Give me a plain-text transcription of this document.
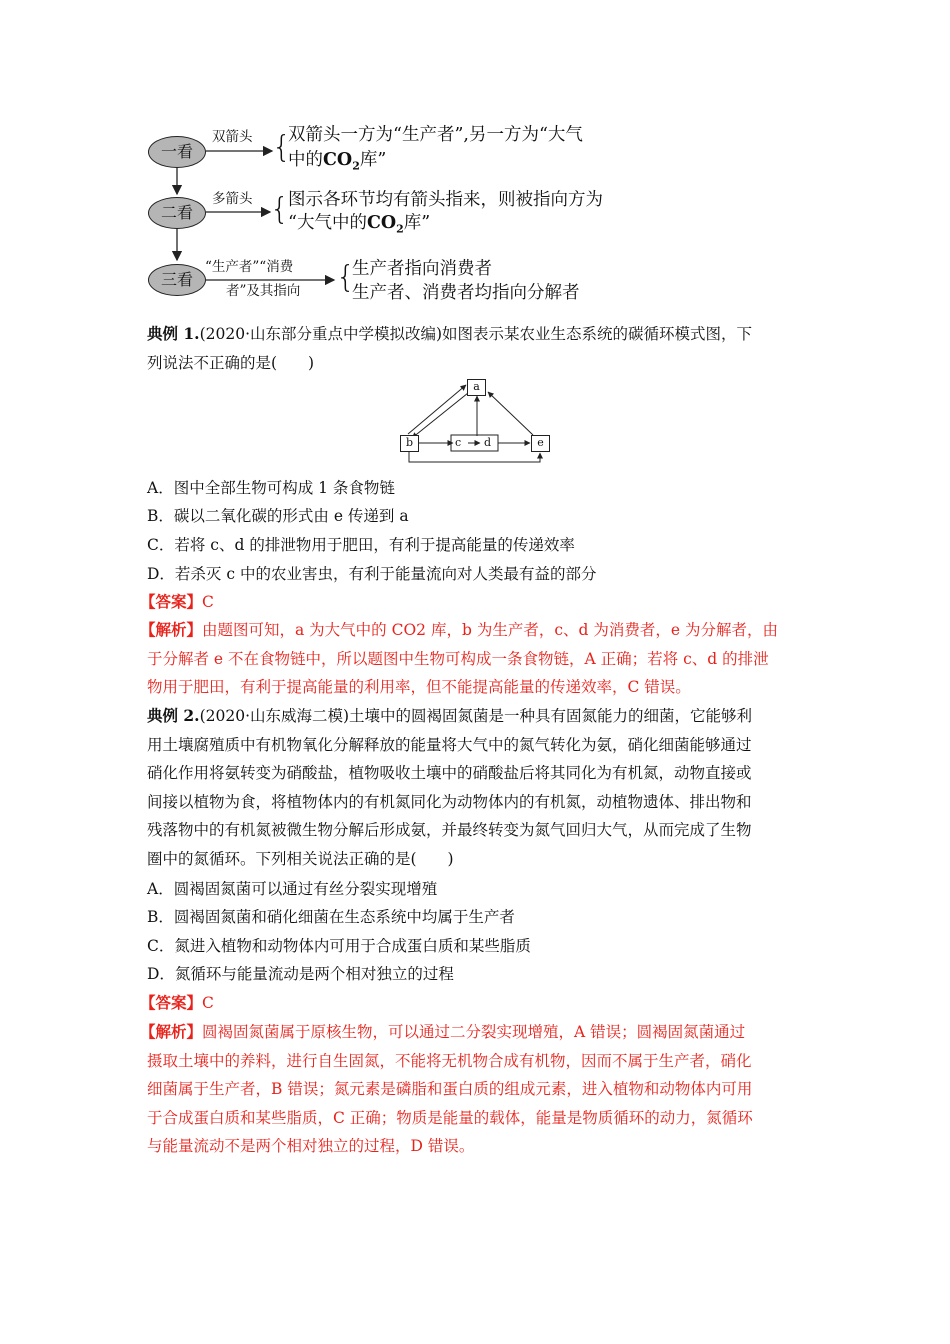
一看
二看
三看
双箭头
多箭头
“生产者”“消费
者”及其指向
{
{
{
双箭头一方为“生产者”,另一方为“大气
中的$CO_2$库”
图示各环节均有箭头指来，则被指向方为
“大气中的$CO_2$库”
生产者指向消费者
生产者、消费者均指向分解者
典例 1.(2020·山东部分重点中学模拟改编)如图表示某农业生态系统的碳循环模式图，下
列说法不正确的是(　　)
a
b	c d	e
A．图中全部生物可构成 1 条食物链
B．碳以二氧化碳的形式由 e 传递到 a
C．若将 c、d 的排泄物用于肥田，有利于提高能量的传递效率
D．若杀灭 c 中的农业害虫，有利于能量流向对人类最有益的部分
【答案】C
【解析】由题图可知，a 为大气中的 CO2 库，b 为生产者，c、d 为消费者，e 为分解者，由
于分解者 e 不在食物链中，所以题图中生物可构成一条食物链，A 正确；若将 c、d 的排泄
物用于肥田，有利于提高能量的利用率，但不能提高能量的传递效率，C 错误。
典例 2.(2020·山东威海二模)土壤中的圆褐固氮菌是一种具有固氮能力的细菌，它能够利
用土壤腐殖质中有机物氧化分解释放的能量将大气中的氮气转化为氨，硝化细菌能够通过
硝化作用将氨转变为硝酸盐，植物吸收土壤中的硝酸盐后将其同化为有机氮，动物直接或
间接以植物为食，将植物体内的有机氮同化为动物体内的有机氮，动植物遗体、排出物和
残落物中的有机氮被微生物分解后形成氨，并最终转变为氮气回归大气，从而完成了生物
圈中的氮循环。下列相关说法正确的是(　　)
A．圆褐固氮菌可以通过有丝分裂实现增殖
B．圆褐固氮菌和硝化细菌在生态系统中均属于生产者
C．氮进入植物和动物体内可用于合成蛋白质和某些脂质
D．氮循环与能量流动是两个相对独立的过程
【答案】C
【解析】圆褐固氮菌属于原核生物，可以通过二分裂实现增殖，A 错误；圆褐固氮菌通过
摄取土壤中的养料，进行自生固氮，不能将无机物合成有机物，因而不属于生产者，硝化
细菌属于生产者，B 错误；氮元素是磷脂和蛋白质的组成元素，进入植物和动物体内可用
于合成蛋白质和某些脂质，C 正确；物质是能量的载体，能量是物质循环的动力，氮循环
与能量流动不是两个相对独立的过程，D 错误。
